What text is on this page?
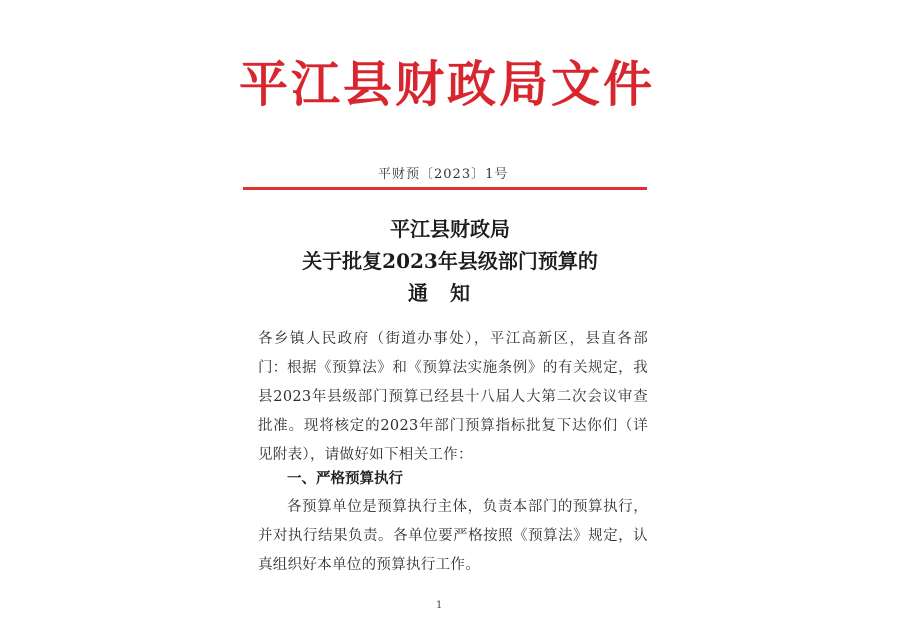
平江县财政局文件
平财预〔2023〕1号
平江县财政局
关于批复2023年县级部门预算的
通知
各乡镇人民政府（街道办事处），平江高新区，县直各部门： 根据《预算法》和《预算法实施条例》的有关规定，我县2023年县级部门预算已经县十八届人大第二次会议审查批准。现将核定的2023年部门预算指标批复下达你们（详见附表），请做好如下相关工作：
一、严格预算执行
各预算单位是预算执行主体，负责本部门的预算执行，并对执行结果负责。各单位要严格按照《预算法》规定，认真组织好本单位的预算执行工作。
1
